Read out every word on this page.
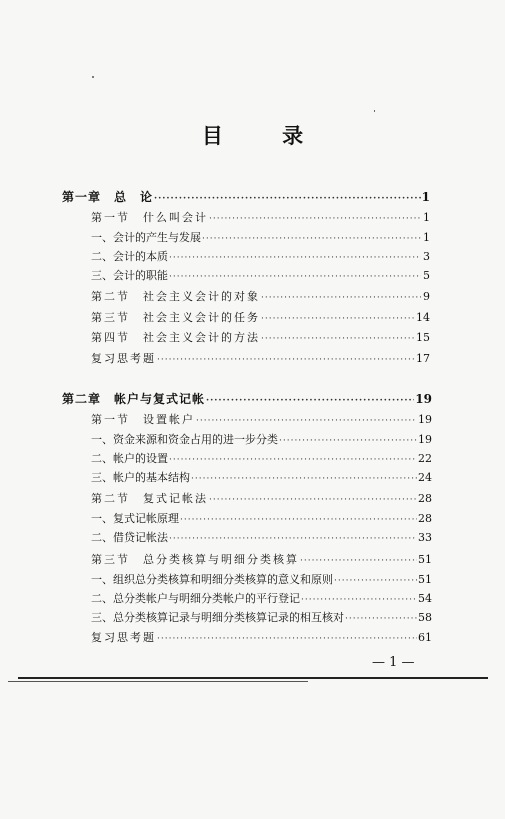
目 录
第一章　总　论 ·····	1
第一节　什么叫会计 ·····	1
一、会计的产生与发展 ·····	1
二、会计的本质 ·····	3
三、会计的职能 ·····	5
第二节　社会主义会计的对象 ·····	9
第三节　社会主义会计的任务 ·····	14
第四节　社会主义会计的方法 ·····	15
复习思考题 ·····	17
第二章　帐户与复式记帐 ·····	19
第一节　设置帐户 ·····	19
一、资金来源和资金占用的进一步分类 ·····	19
二、帐户的设置 ·····	22
三、帐户的基本结构 ·····	24
第二节　复式记帐法 ·····	28
一、复式记帐原理 ·····	28
二、借贷记帐法 ·····	33
第三节　总分类核算与明细分类核算 ·····	51
一、组织总分类核算和明细分类核算的意义和原则 ·····	51
二、总分类帐户与明细分类帐户的平行登记 ·····	54
三、总分类核算记录与明细分类核算记录的相互核对 ·····	58
复习思考题 ·····	61
— 1 —
